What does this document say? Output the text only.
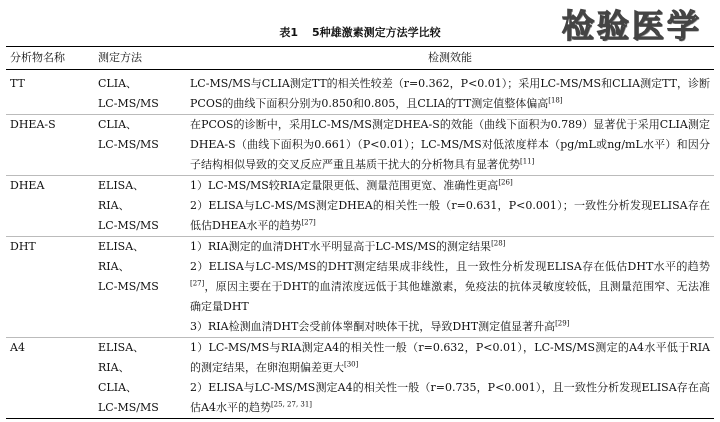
表1 5种雄激素测定方法学比较	检验医学
分析物名称	测定方法	检测效能
TT	CLIA、
LC-MS/MS	LC-MS/MS与CLIA测定TT的相关性较差（r=0.362，P<0.01）；采用LC-MS/MS和CLIA测定TT，诊断PCOS的曲线下面积分别为0.850和0.805，且CLIA的TT测定值整体偏高[18]

DHEA-S	CLIA、
LC-MS/MS	在PCOS的诊断中，采用LC-MS/MS测定DHEA-S的效能（曲线下面积为0.789）显著优于采用CLIA测定DHEA-S（曲线下面积为0.661）（P<0.01）；LC-MS/MS对低浓度样本（pg/mL或ng/mL水平）和因分子结构相似导致的交叉反应严重且基质干扰大的分析物具有显著优势[11]

DHEA	ELISA、
RIA、
LC-MS/MS	1）LC-MS/MS较RIA定量限更低、测量范围更宽、准确性更高[26]
2）ELISA与LC-MS/MS测定DHEA的相关性一般（r=0.631，P<0.001）；一致性分析发现ELISA存在低估DHEA水平的趋势[27]

DHT	ELISA、
RIA、
LC-MS/MS	1）RIA测定的血清DHT水平明显高于LC-MS/MS的测定结果[28]
2）ELISA与LC-MS/MS的DHT测定结果成非线性，且一致性分析发现ELISA存在低估DHT水平的趋势[27]，原因主要在于DHT的血清浓度远低于其他雄激素，免疫法的抗体灵敏度较低，且测量范围窄、无法准确定量DHT
3）RIA检测血清DHT会受前体睾酮对映体干扰，导致DHT测定值显著升高[29]

A4	ELISA、
RIA、
CLIA、
LC-MS/MS	1）LC-MS/MS与RIA测定A4的相关性一般（r=0.632，P<0.01），LC-MS/MS测定的A4水平低于RIA的测定结果，在卵泡期偏差更大[30]
2）ELISA与LC-MS/MS测定A4的相关性一般（r=0.735，P<0.001），且一致性分析发现ELISA存在高估A4水平的趋势[25, 27, 31]
